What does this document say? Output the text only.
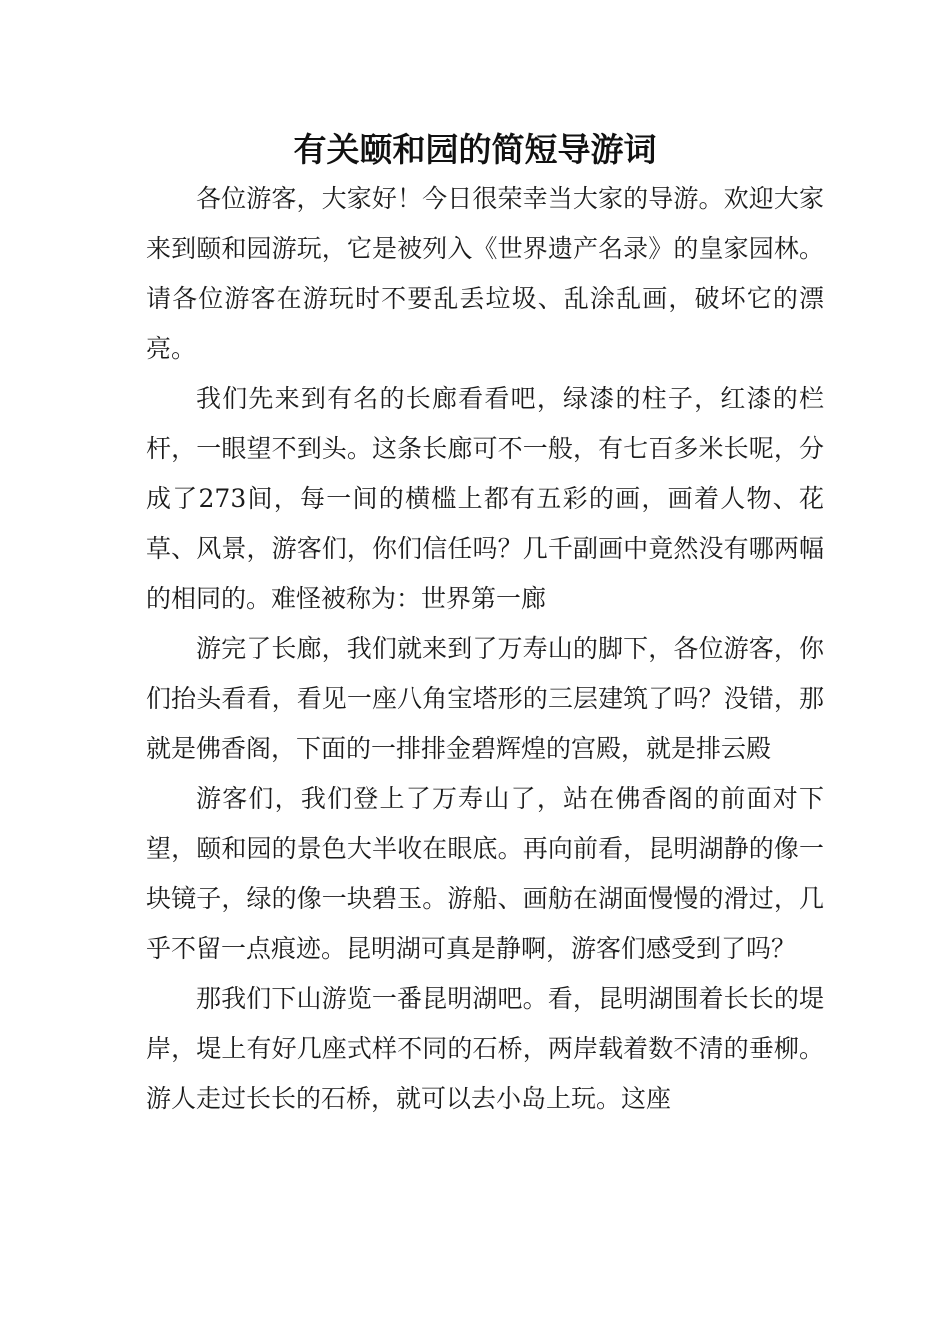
有关颐和园的简短导游词

各位游客，大家好！今日很荣幸当大家的导游。欢迎大家来到颐和园游玩，它是被列入《世界遗产名录》的皇家园林。请各位游客在游玩时不要乱丢垃圾、乱涂乱画，破坏它的漂亮。

我们先来到有名的长廊看看吧，绿漆的柱子，红漆的栏杆，一眼望不到头。这条长廊可不一般，有七百多米长呢，分成了273间，每一间的横槛上都有五彩的画，画着人物、花草、风景，游客们，你们信任吗？几千副画中竟然没有哪两幅的相同的。难怪被称为：世界第一廊

游完了长廊，我们就来到了万寿山的脚下，各位游客，你们抬头看看，看见一座八角宝塔形的三层建筑了吗？没错，那就是佛香阁，下面的一排排金碧辉煌的宫殿，就是排云殿

游客们，我们登上了万寿山了，站在佛香阁的前面对下望，颐和园的景色大半收在眼底。再向前看，昆明湖静的像一块镜子，绿的像一块碧玉。游船、画舫在湖面慢慢的滑过，几乎不留一点痕迹。昆明湖可真是静啊，游客们感受到了吗？

那我们下山游览一番昆明湖吧。看，昆明湖围着长长的堤岸，堤上有好几座式样不同的石桥，两岸载着数不清的垂柳。游人走过长长的石桥，就可以去小岛上玩。这座
